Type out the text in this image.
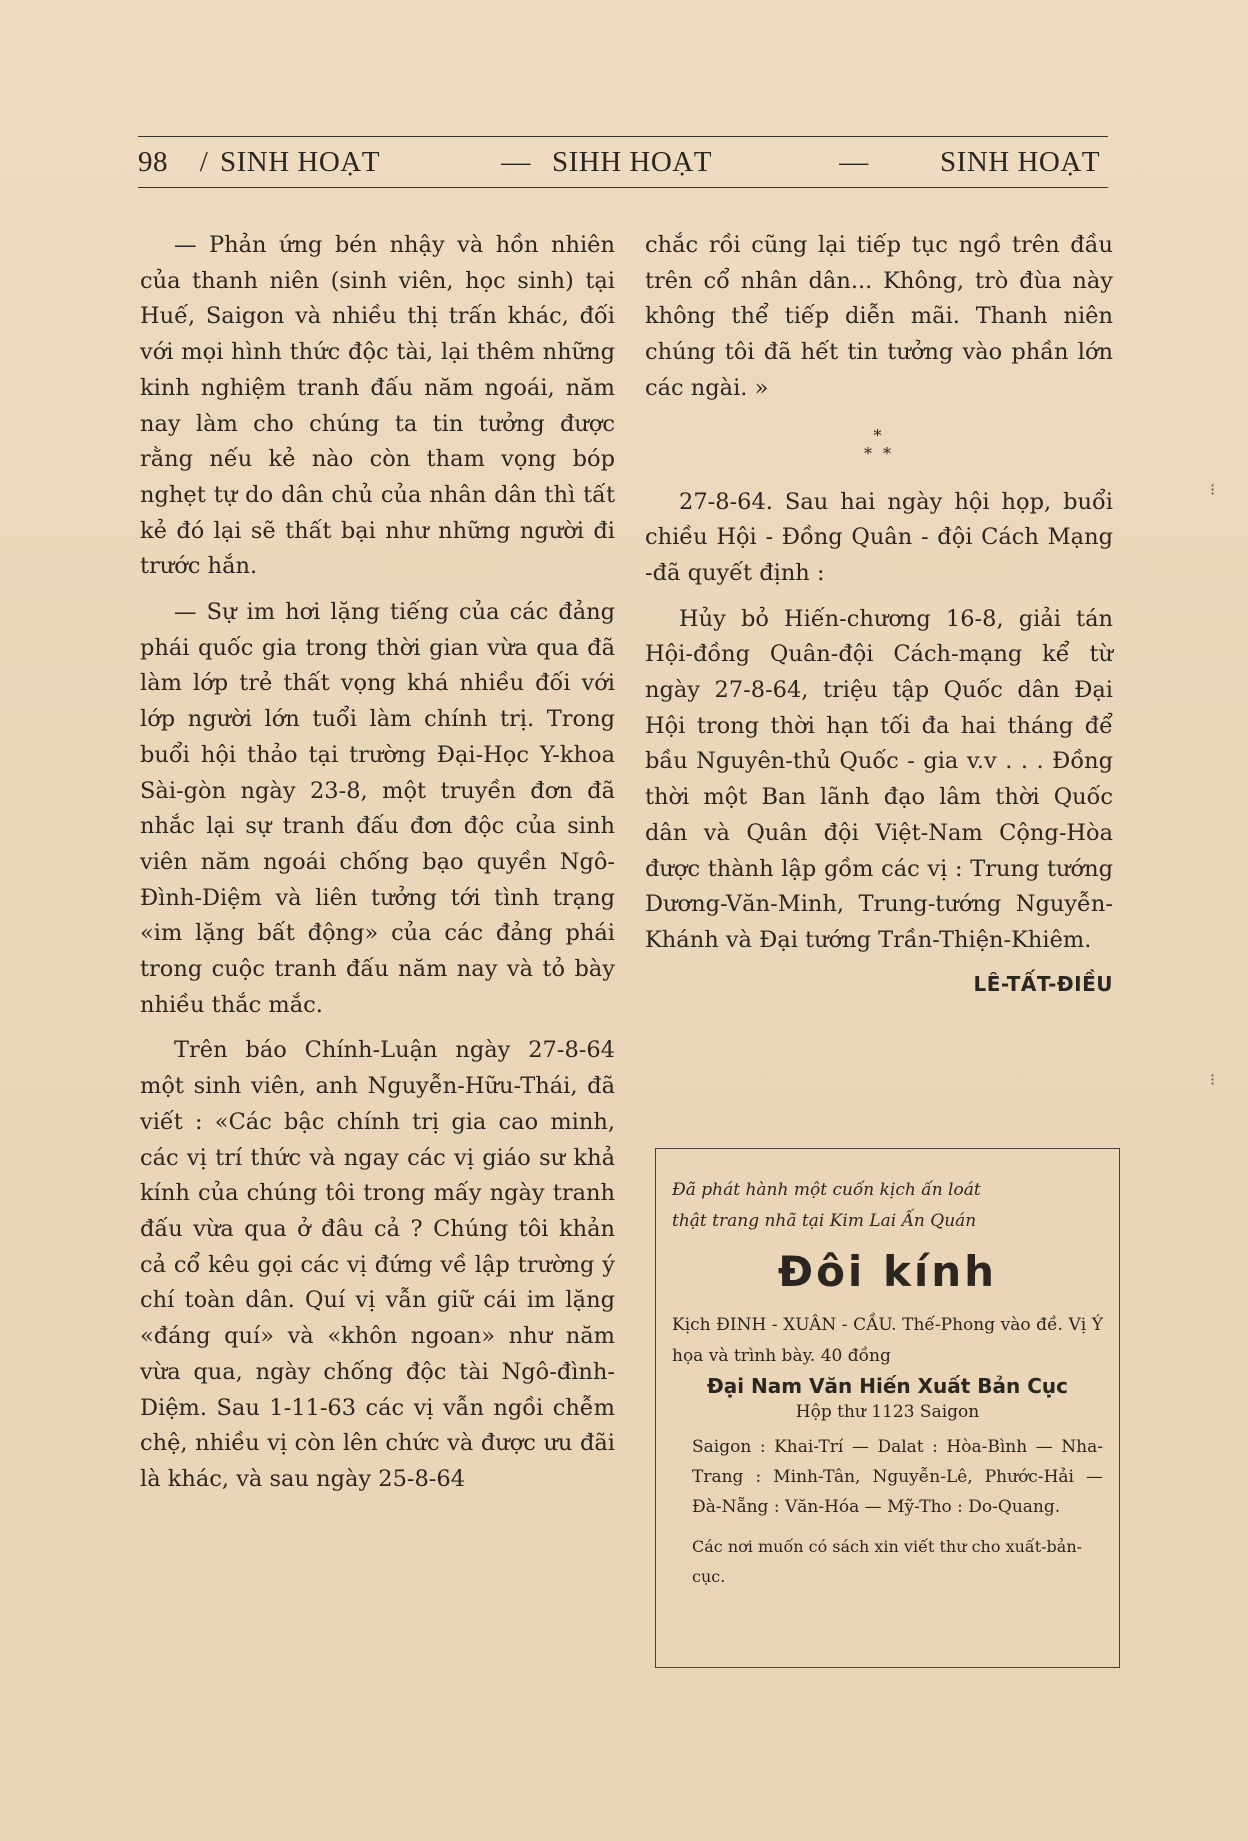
98	/ SINH HOẠT	— SIHH HOẠT	—	SINH HOẠT

— Phản ứng bén nhậy và hồn nhiên của thanh niên (sinh viên, học sinh) tại Huế, Saigon và nhiều thị trấn khác, đối với mọi hình thức độc tài, lại thêm những kinh nghiệm tranh đấu năm ngoái, năm nay làm cho chúng ta tin tưởng được rằng nếu kẻ nào còn tham vọng bóp nghẹt tự do dân chủ của nhân dân thì tất kẻ đó lại sẽ thất bại như những người đi trước hắn.

— Sự im hơi lặng tiếng của các đảng phái quốc gia trong thời gian vừa qua đã làm lớp trẻ thất vọng khá nhiều đối với lớp người lớn tuổi làm chính trị. Trong buổi hội thảo tại trường Đại-Học Y-khoa Sài-gòn ngày 23-8, một truyền đơn đã nhắc lại sự tranh đấu đơn độc của sinh viên năm ngoái chống bạo quyền Ngô-Đình-Diệm và liên tưởng tới tình trạng «im lặng bất động» của các đảng phái trong cuộc tranh đấu năm nay và tỏ bày nhiều thắc mắc.

Trên báo Chính-Luận ngày 27-8-64 một sinh viên, anh Nguyễn-Hữu-Thái, đã viết : «Các bậc chính trị gia cao minh, các vị trí thức và ngay các vị giáo sư khả kính của chúng tôi trong mấy ngày tranh đấu vừa qua ở đâu cả ? Chúng tôi khản cả cổ kêu gọi các vị đứng về lập trường ý chí toàn dân. Quí vị vẫn giữ cái im lặng «đáng quí» và «khôn ngoan» như năm vừa qua, ngày chống độc tài Ngô-đình-Diệm. Sau 1-11-63 các vị vẫn ngồi chễm chệ, nhiều vị còn lên chức và được ưu đãi là khác, và sau ngày 25-8-64

chắc rồi cũng lại tiếp tục ngồ trên đầu trên cổ nhân dân... Không, trò đùa này không thể tiếp diễn mãi. Thanh niên chúng tôi đã hết tin tưởng vào phần lớn các ngài. »

*
* *

27-8-64. Sau hai ngày hội họp, buổi chiều Hội - Đồng Quân - đội Cách Mạng -đã quyết định :

Hủy bỏ Hiến-chương 16-8, giải tán Hội-đồng Quân-đội Cách-mạng kể từ ngày 27-8-64, triệu tập Quốc dân Đại Hội trong thời hạn tối đa hai tháng để bầu Nguyên-thủ Quốc - gia v.v . . . Đồng thời một Ban lãnh đạo lâm thời Quốc dân và Quân đội Việt-Nam Cộng-Hòa được thành lập gồm các vị : Trung tướng Dương-Văn-Minh, Trung-tướng Nguyễn-Khánh và Đại tướng Trần-Thiện-Khiêm.

LÊ-TẤT-ĐIỀU

Đã phát hành một cuốn kịch ấn loát

thật trang nhã tại Kim Lai Ấn Quán

Đôi kính

Kịch ĐINH - XUÂN - CẦU. Thế-Phong vào đề. Vị Ý họa và trình bày. 40 đồng

Đại Nam Văn Hiến Xuất Bản Cục
Hộp thư 1123 Saigon

Saigon : Khai-Trí — Dalat : Hòa-Bình — Nha-Trang : Minh-Tân, Nguyễn-Lê, Phước-Hải — Đà-Nẵng : Văn-Hóa — Mỹ-Tho : Do-Quang.

Các nơi muốn có sách xin viết thư cho xuất-bản-cục.

⁝
⁝
